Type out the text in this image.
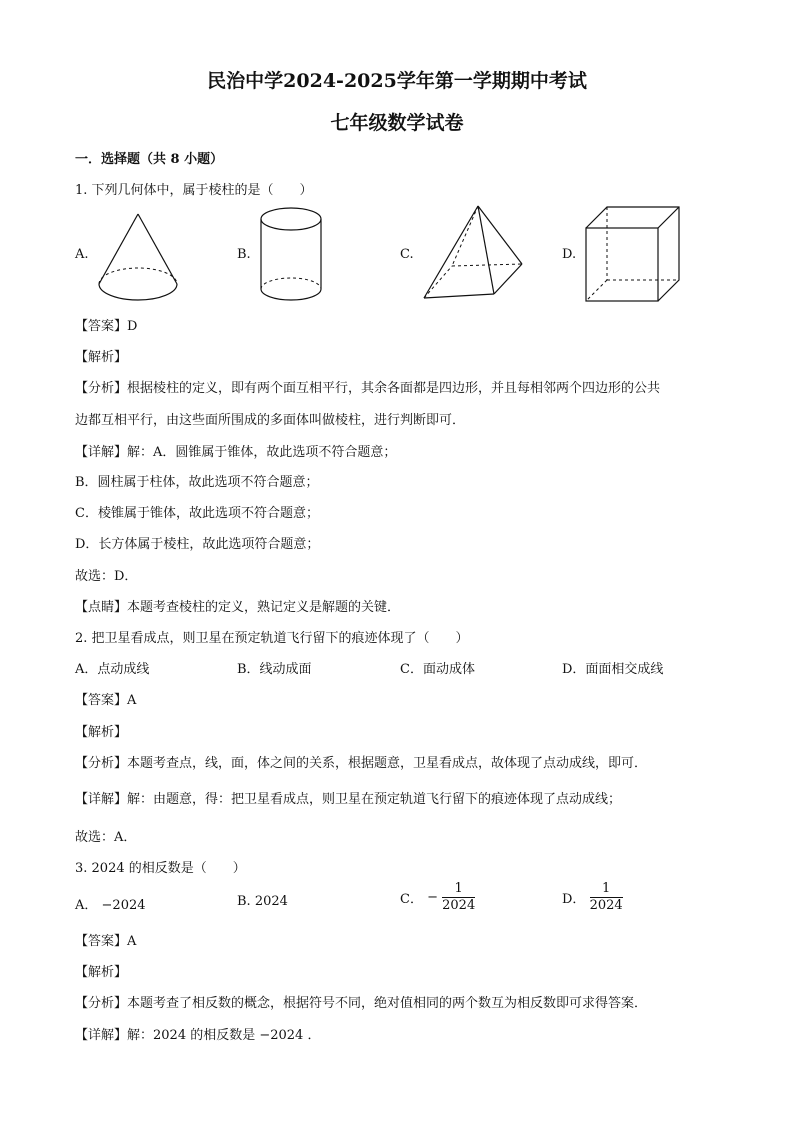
民治中学2024-2025学年第一学期期中考试
七年级数学试卷
一．选择题（共 8 小题）
1. 下列几何体中，属于棱柱的是（　　）
A.	B.	C.	D.
【答案】D
【解析】
【分析】根据棱柱的定义，即有两个面互相平行，其余各面都是四边形，并且每相邻两个四边形的公共
边都互相平行，由这些面所围成的多面体叫做棱柱，进行判断即可．
【详解】解：A．圆锥属于锥体，故此选项不符合题意；
B．圆柱属于柱体，故此选项不符合题意；
C．棱锥属于锥体，故此选项不符合题意；
D．长方体属于棱柱，故此选项符合题意；
故选：D．
【点睛】本题考查棱柱的定义，熟记定义是解题的关键．
2. 把卫星看成点，则卫星在预定轨道飞行留下的痕迹体现了（　　）
A．点动成线	B．线动成面	C．面动成体	D．面面相交成线
【答案】A
【解析】
【分析】本题考查点，线，面，体之间的关系，根据题意，卫星看成点，故体现了点动成线，即可．
【详解】解：由题意，得：把卫星看成点，则卫星在预定轨道飞行留下的痕迹体现了点动成线；
故选：A．
3. 2024 的相反数是（　　）
A． −2024	B. 2024	C． − $\frac{1}{2024}$	D． $\frac{1}{2024}$
【答案】A
【解析】
【分析】本题考查了相反数的概念，根据符号不同，绝对值相同的两个数互为相反数即可求得答案．
【详解】解：2024 的相反数是 −2024 ．
